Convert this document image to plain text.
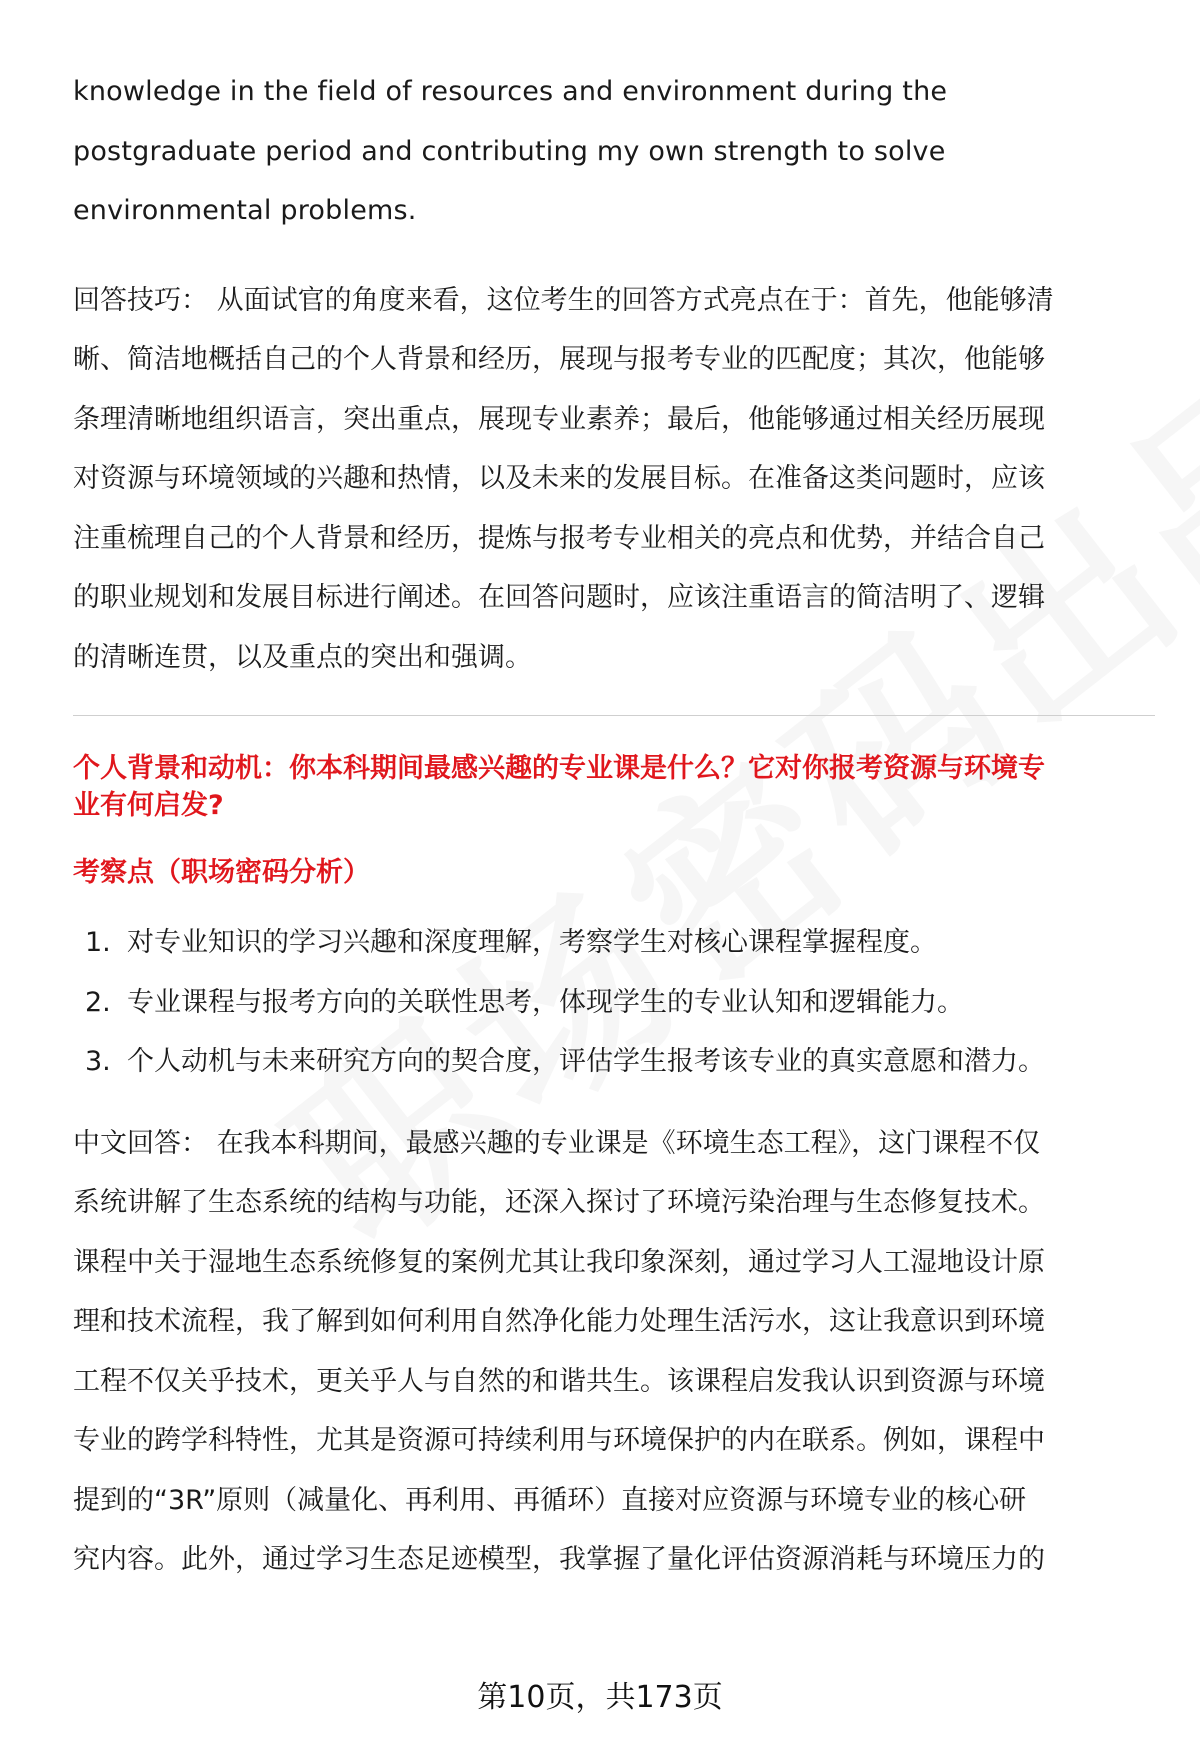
knowledge in the field of resources and environment during the

postgraduate period and contributing my own strength to solve

environmental problems.

回答技巧： 从面试官的角度来看，这位考生的回答方式亮点在于：首先，他能够清

晰、简洁地概括自己的个人背景和经历，展现与报考专业的匹配度；其次，他能够

条理清晰地组织语言，突出重点，展现专业素养；最后，他能够通过相关经历展现

对资源与环境领域的兴趣和热情，以及未来的发展目标。在准备这类问题时，应该

注重梳理自己的个人背景和经历，提炼与报考专业相关的亮点和优势，并结合自己

的职业规划和发展目标进行阐述。在回答问题时，应该注重语言的简洁明了、逻辑

的清晰连贯，以及重点的突出和强调。

个人背景和动机：你本科期间最感兴趣的专业课是什么？它对你报考资源与环境专

业有何启发?

考察点（职场密码分析）

1. 对专业知识的学习兴趣和深度理解，考察学生对核心课程掌握程度。
2. 专业课程与报考方向的关联性思考，体现学生的专业认知和逻辑能力。
3. 个人动机与未来研究方向的契合度，评估学生报考该专业的真实意愿和潜力。

中文回答： 在我本科期间，最感兴趣的专业课是《环境生态工程》，这门课程不仅

系统讲解了生态系统的结构与功能，还深入探讨了环境污染治理与生态修复技术。

课程中关于湿地生态系统修复的案例尤其让我印象深刻，通过学习人工湿地设计原

理和技术流程，我了解到如何利用自然净化能力处理生活污水，这让我意识到环境

工程不仅关乎技术，更关乎人与自然的和谐共生。该课程启发我认识到资源与环境

专业的跨学科特性，尤其是资源可持续利用与环境保护的内在联系。例如，课程中

提到的“3R”原则（减量化、再利用、再循环）直接对应资源与环境专业的核心研

究内容。此外，通过学习生态足迹模型，我掌握了量化评估资源消耗与环境压力的

第10页，共173页
